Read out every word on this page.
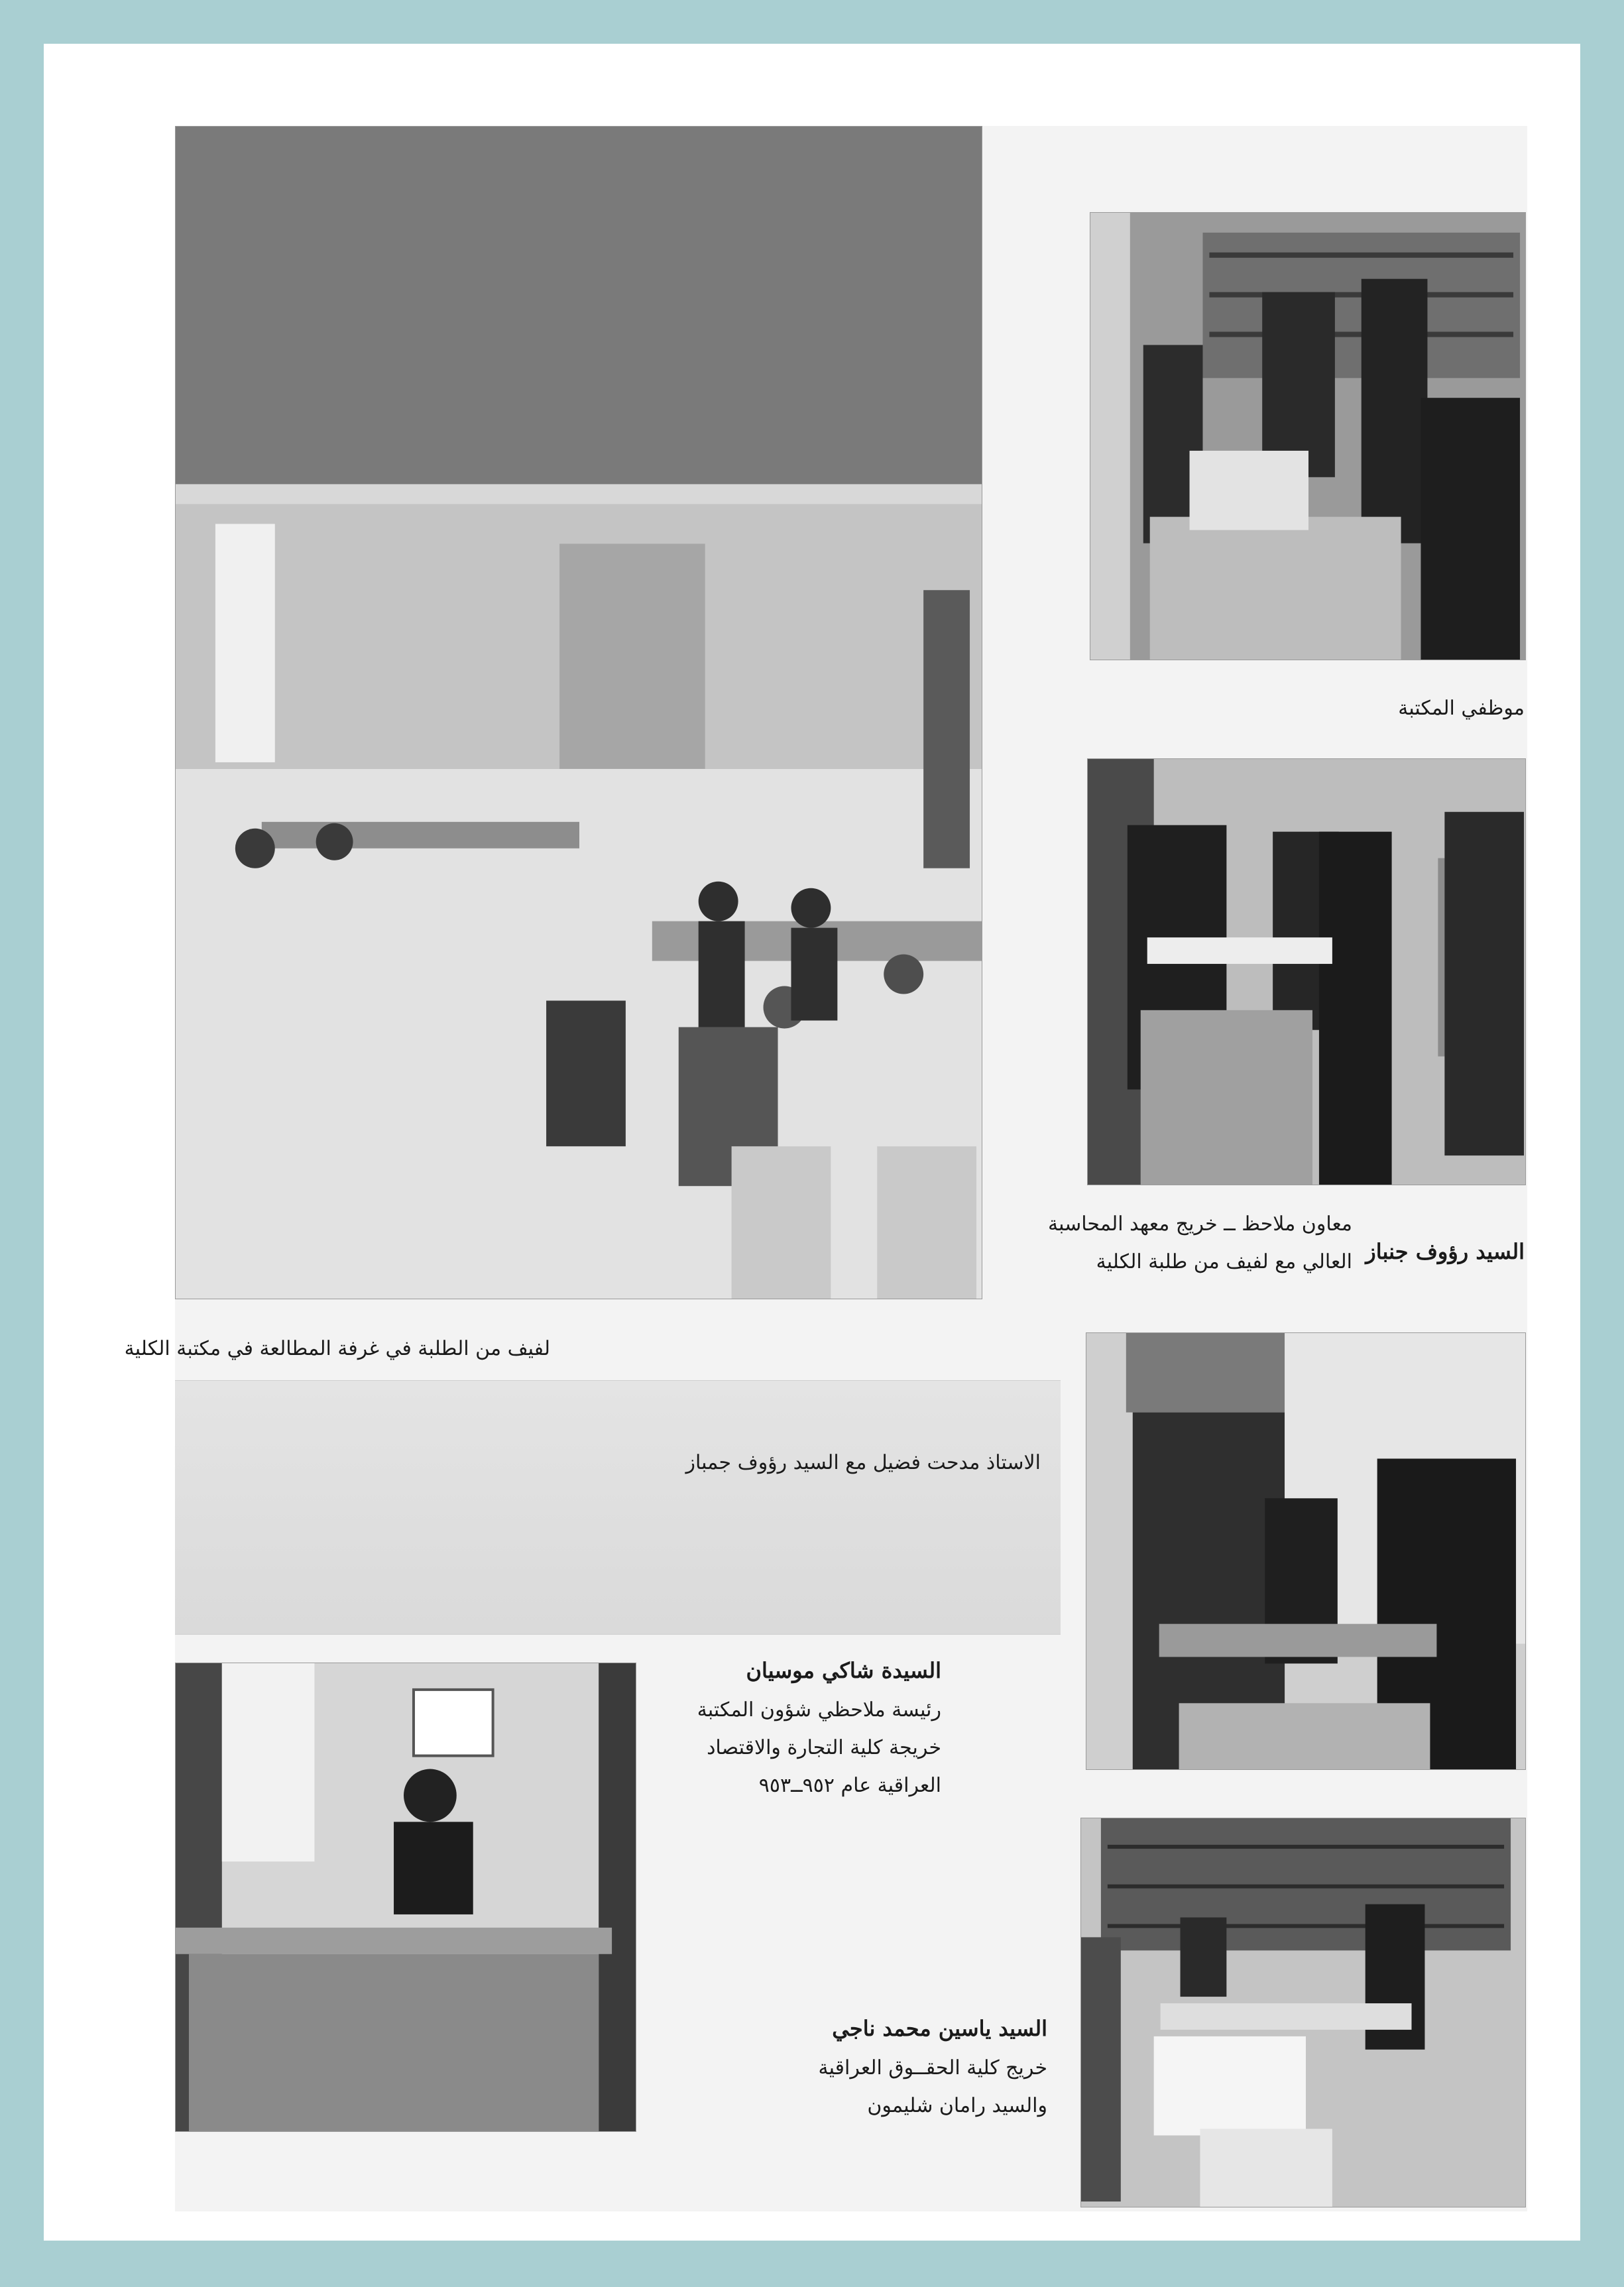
موظفي المكتبة
السيد رؤوف جنباز
معاون ملاحظ ــ خريج معهد المحاسبة
العالي مع لفيف من طلبة الكلية
لفيف من الطلبة في غرفة المطالعة في مكتبة الكلية
الاستاذ مدحت فضيل مع السيد رؤوف جمباز
السيدة شاكي موسيان
رئيسة ملاحظي شؤون المكتبة
خريجة كلية التجارة والاقتصاد
العراقية عام ٩٥٢ــ٩٥٣
السيد ياسين محمد ناجي
خريج كلية الحقــوق العراقية
والسيد رامان شليمون
